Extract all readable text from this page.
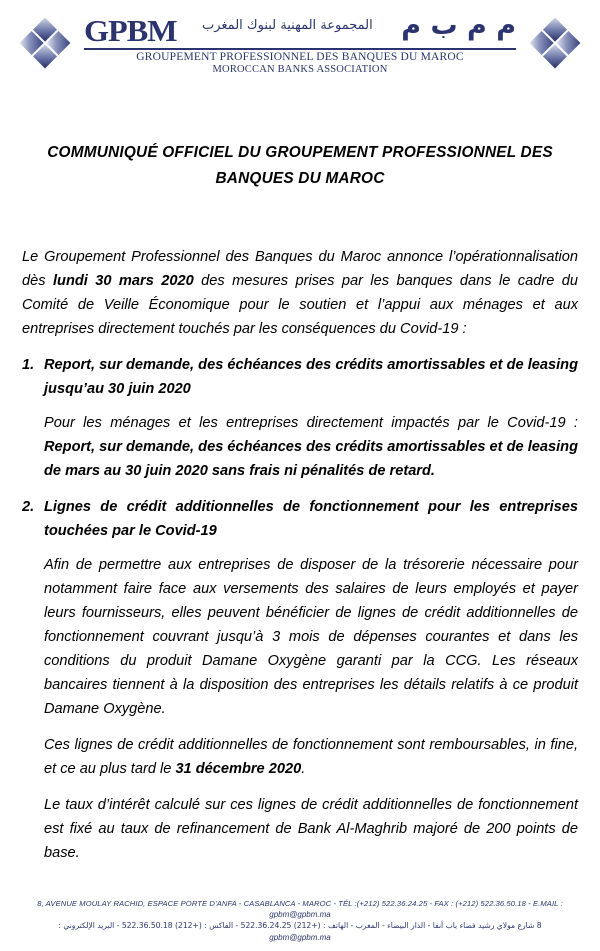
GPBM المجموعة المهنية لبنوك المغرب م م ب م
GROUPEMENT PROFESSIONNEL DES BANQUES DU MAROC
MOROCCAN BANKS ASSOCIATION
COMMUNIQUÉ OFFICIEL DU GROUPEMENT PROFESSIONNEL DES
BANQUES DU MAROC

Le Groupement Professionnel des Banques du Maroc annonce l’opérationnalisation dès lundi 30 mars 2020 des mesures prises par les banques dans le cadre du Comité de Veille Économique pour le soutien et l’appui aux ménages et aux entreprises directement touchés par les conséquences du Covid-19 :

1. Report, sur demande, des échéances des crédits amortissables et de leasing jusqu’au 30 juin 2020

Pour les ménages et les entreprises directement impactés par le Covid-19 : Report, sur demande, des échéances des crédits amortissables et de leasing de mars au 30 juin 2020 sans frais ni pénalités de retard.

2. Lignes de crédit additionnelles de fonctionnement pour les entreprises touchées par le Covid-19

Afin de permettre aux entreprises de disposer de la trésorerie nécessaire pour notamment faire face aux versements des salaires de leurs employés et payer leurs fournisseurs, elles peuvent bénéficier de lignes de crédit additionnelles de fonctionnement couvrant jusqu’à 3 mois de dépenses courantes et dans les conditions du produit Damane Oxygène garanti par la CCG. Les réseaux bancaires tiennent à la disposition des entreprises les détails relatifs à ce produit Damane Oxygène.

Ces lignes de crédit additionnelles de fonctionnement sont remboursables, in fine, et ce au plus tard le 31 décembre 2020.

Le taux d’intérêt calculé sur ces lignes de crédit additionnelles de fonctionnement est fixé au taux de refinancement de Bank Al-Maghrib majoré de 200 points de base.

8, AVENUE MOULAY RACHID, ESPACE PORTE D’ANFA - CASABLANCA - MAROC - TÉL :(+212) 522.36.24.25 - FAX : (+212) 522.36.50.18 - E.MAIL :
gpbm@gpbm.ma
8 شارع مولاي رشيد فضاء باب أنفا - الدار البيضاء - المغرب - الهاتف : (+212) 522.36.24.25 - الفاكس : (+212) 522.36.50.18 - البريد الإلكتروني :
gpbm@gpbm.ma
